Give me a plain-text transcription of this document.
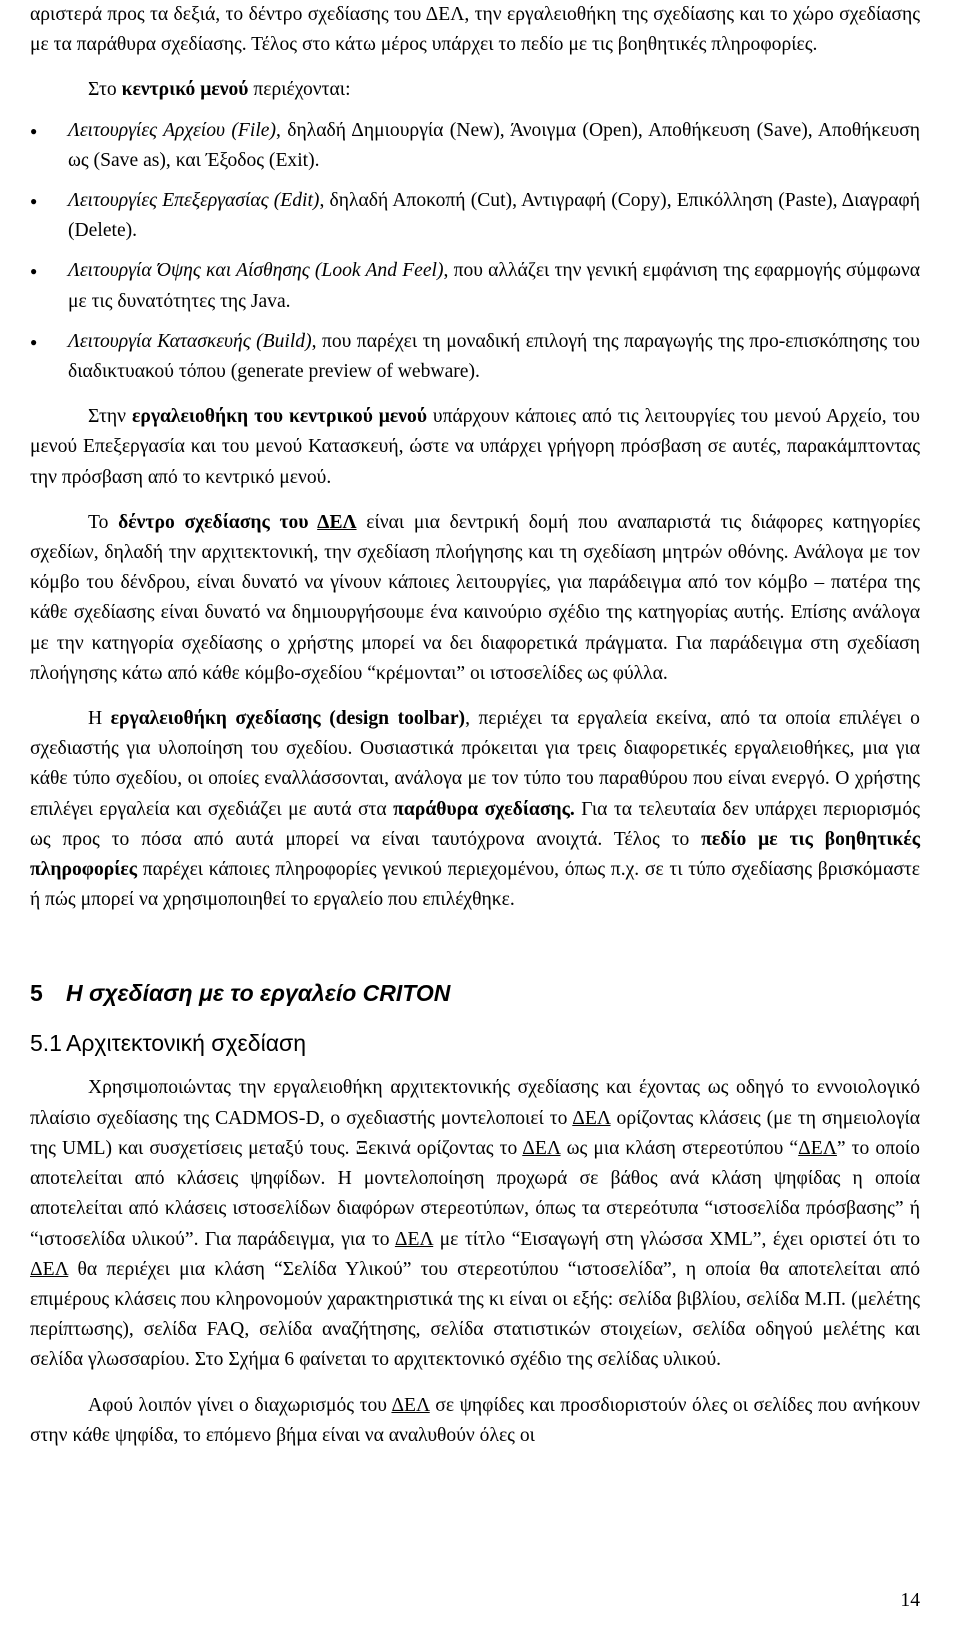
αριστερά προς τα δεξιά, το δέντρο σχεδίασης του ΔΕΛ, την εργαλειοθήκη της σχεδίασης και το χώρο σχεδίασης με τα παράθυρα σχεδίασης. Τέλος στο κάτω μέρος υπάρχει το πεδίο με τις βοηθητικές πληροφορίες.

Στο κεντρικό μενού περιέχονται:

● Λειτουργίες Αρχείου (File), δηλαδή Δημιουργία (New), Άνοιγμα (Open), Αποθήκευση (Save), Αποθήκευση ως (Save as), και Έξοδος (Exit).
● Λειτουργίες Επεξεργασίας (Edit), δηλαδή Αποκοπή (Cut), Αντιγραφή (Copy), Επικόλληση (Paste), Διαγραφή (Delete).
● Λειτουργία Όψης και Αίσθησης (Look And Feel), που αλλάζει την γενική εμφάνιση της εφαρμογής σύμφωνα με τις δυνατότητες της Java.
● Λειτουργία Κατασκευής (Build), που παρέχει τη μοναδική επιλογή της παραγωγής της προ-επισκόπησης του διαδικτυακού τόπου (generate preview of webware).

Στην εργαλειοθήκη του κεντρικού μενού υπάρχουν κάποιες από τις λειτουργίες του μενού Αρχείο, του μενού Επεξεργασία και του μενού Κατασκευή, ώστε να υπάρχει γρήγορη πρόσβαση σε αυτές, παρακάμπτοντας την πρόσβαση από το κεντρικό μενού.

Το δέντρο σχεδίασης του ΔΕΛ είναι μια δεντρική δομή που αναπαριστά τις διάφορες κατηγορίες σχεδίων, δηλαδή την αρχιτεκτονική, την σχεδίαση πλοήγησης και τη σχεδίαση μητρών οθόνης. Ανάλογα με τον κόμβο του δένδρου, είναι δυνατό να γίνουν κάποιες λειτουργίες, για παράδειγμα από τον κόμβο – πατέρα της κάθε σχεδίασης είναι δυνατό να δημιουργήσουμε ένα καινούριο σχέδιο της κατηγορίας αυτής. Επίσης ανάλογα με την κατηγορία σχεδίασης ο χρήστης μπορεί να δει διαφορετικά πράγματα. Για παράδειγμα στη σχεδίαση πλοήγησης κάτω από κάθε κόμβο-σχεδίου “κρέμονται” οι ιστοσελίδες ως φύλλα.

Η εργαλειοθήκη σχεδίασης (design toolbar), περιέχει τα εργαλεία εκείνα, από τα οποία επιλέγει ο σχεδιαστής για υλοποίηση του σχεδίου. Ουσιαστικά πρόκειται για τρεις διαφορετικές εργαλειοθήκες, μια για κάθε τύπο σχεδίου, οι οποίες εναλλάσσονται, ανάλογα με τον τύπο του παραθύρου που είναι ενεργό. Ο χρήστης επιλέγει εργαλεία και σχεδιάζει με αυτά στα παράθυρα σχεδίασης. Για τα τελευταία δεν υπάρχει περιορισμός ως προς το πόσα από αυτά μπορεί να είναι ταυτόχρονα ανοιχτά. Τέλος το πεδίο με τις βοηθητικές πληροφορίες παρέχει κάποιες πληροφορίες γενικού περιεχομένου, όπως π.χ. σε τι τύπο σχεδίασης βρισκόμαστε ή πώς μπορεί να χρησιμοποιηθεί το εργαλείο που επιλέχθηκε.

5 Η σχεδίαση με το εργαλείο CRITON
5.1 Αρχιτεκτονική σχεδίαση

Χρησιμοποιώντας την εργαλειοθήκη αρχιτεκτονικής σχεδίασης και έχοντας ως οδηγό το εννοιολογικό πλαίσιο σχεδίασης της CADMOS-D, ο σχεδιαστής μοντελοποιεί το ΔΕΛ ορίζοντας κλάσεις (με τη σημειολογία της UML) και συσχετίσεις μεταξύ τους. Ξεκινά ορίζοντας το ΔΕΛ ως μια κλάση στερεοτύπου “ΔΕΛ” το οποίο αποτελείται από κλάσεις ψηφίδων. Η μοντελοποίηση προχωρά σε βάθος ανά κλάση ψηφίδας η οποία αποτελείται από κλάσεις ιστοσελίδων διαφόρων στερεοτύπων, όπως τα στερεότυπα “ιστοσελίδα πρόσβασης” ή “ιστοσελίδα υλικού”. Για παράδειγμα, για το ΔΕΛ με τίτλο “Εισαγωγή στη γλώσσα XML”, έχει οριστεί ότι το ΔΕΛ θα περιέχει μια κλάση “Σελίδα Υλικού” του στερεοτύπου “ιστοσελίδα”, η οποία θα αποτελείται από επιμέρους κλάσεις που κληρονομούν χαρακτηριστικά της κι είναι οι εξής: σελίδα βιβλίου, σελίδα Μ.Π. (μελέτης περίπτωσης), σελίδα FAQ, σελίδα αναζήτησης, σελίδα στατιστικών στοιχείων, σελίδα οδηγού μελέτης και σελίδα γλωσσαρίου. Στο Σχήμα 6 φαίνεται το αρχιτεκτονικό σχέδιο της σελίδας υλικού.

Αφού λοιπόν γίνει ο διαχωρισμός του ΔΕΛ σε ψηφίδες και προσδιοριστούν όλες οι σελίδες που ανήκουν στην κάθε ψηφίδα, το επόμενο βήμα είναι να αναλυθούν όλες οι

14
